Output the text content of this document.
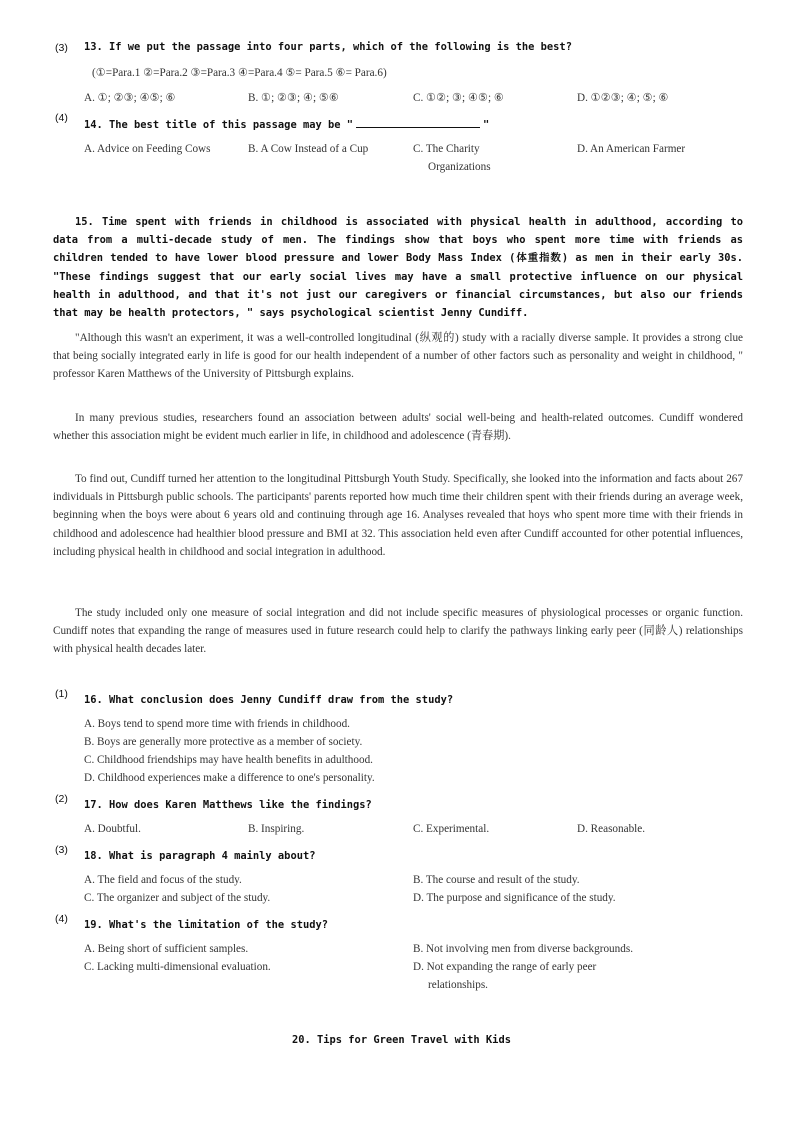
(3) 13. If we put the passage into four parts, which of the following is the best?
(①=Para.1 ②=Para.2 ③=Para.3 ④=Para.4 ⑤= Para.5 ⑥= Para.6)
A. ①; ②③; ④⑤; ⑥	B. ①; ②③; ④; ⑤⑥	C. ①②; ③; ④⑤; ⑥	D. ①②③; ④; ⑤; ⑥
(4)
14. The best title of this passage may be "	"
A. Advice on Feeding Cows	B. A Cow Instead of a Cup	C. The Charity
Organizations
D. An American Farmer
15. Time spent with friends in childhood is associated with physical health in adulthood, according to data from a multi-decade study of men. The findings show that boys who spent more time with friends as children tended to have lower blood pressure and lower Body Mass Index (体重指数) as men in their early 30s. "These findings suggest that our early social lives may have a small protective influence on our physical health in adulthood, and that it's not just our caregivers or financial circumstances, but also our friends that may be health protectors, " says psychological scientist Jenny Cundiff.
"Although this wasn't an experiment, it was a well-controlled longitudinal (纵观的) study with a racially diverse sample. It provides a strong clue that being socially integrated early in life is good for our health independent of a number of other factors such as personality and weight in childhood, " professor Karen Matthews of the University of Pittsburgh explains.
In many previous studies, researchers found an association between adults' social well-being and health-related outcomes. Cundiff wondered whether this association might be evident much earlier in life, in childhood and adolescence (青春期).
To find out, Cundiff turned her attention to the longitudinal Pittsburgh Youth Study. Specifically, she looked into the information and facts about 267 individuals in Pittsburgh public schools. The participants' parents reported how much time their children spent with their friends during an average week, beginning when the boys were about 6 years old and continuing through age 16. Analyses revealed that hoys who spent more time with their friends in childhood and adolescence had healthier blood pressure and BMI at 32. This association held even after Cundiff accounted for other potential influences, including physical health in childhood and social integration in adulthood.
The study included only one measure of social integration and did not include specific measures of physiological processes or organic function. Cundiff notes that expanding the range of measures used in future research could help to clarify the pathways linking early peer (同龄人) relationships with physical health decades later.
(1) 16. What conclusion does Jenny Cundiff draw from the study?
A. Boys tend to spend more time with friends in childhood.
B. Boys are generally more protective as a member of society.
C. Childhood friendships may have health benefits in adulthood.
D. Childhood experiences make a difference to one's personality.
(2) 17. How does Karen Matthews like the findings?
A. Doubtful.	B. Inspiring.	C. Experimental.	D. Reasonable.
(3) 18. What is paragraph 4 mainly about?
A. The field and focus of the study.	B. The course and result of the study.
C. The organizer and subject of the study.	D. The purpose and significance of the study.
(4) 19. What's the limitation of the study?
A. Being short of sufficient samples.	B. Not involving men from diverse backgrounds.
C. Lacking multi-dimensional evaluation.	D. Not expanding the range of early peer
relationships.
20. Tips for Green Travel with Kids
